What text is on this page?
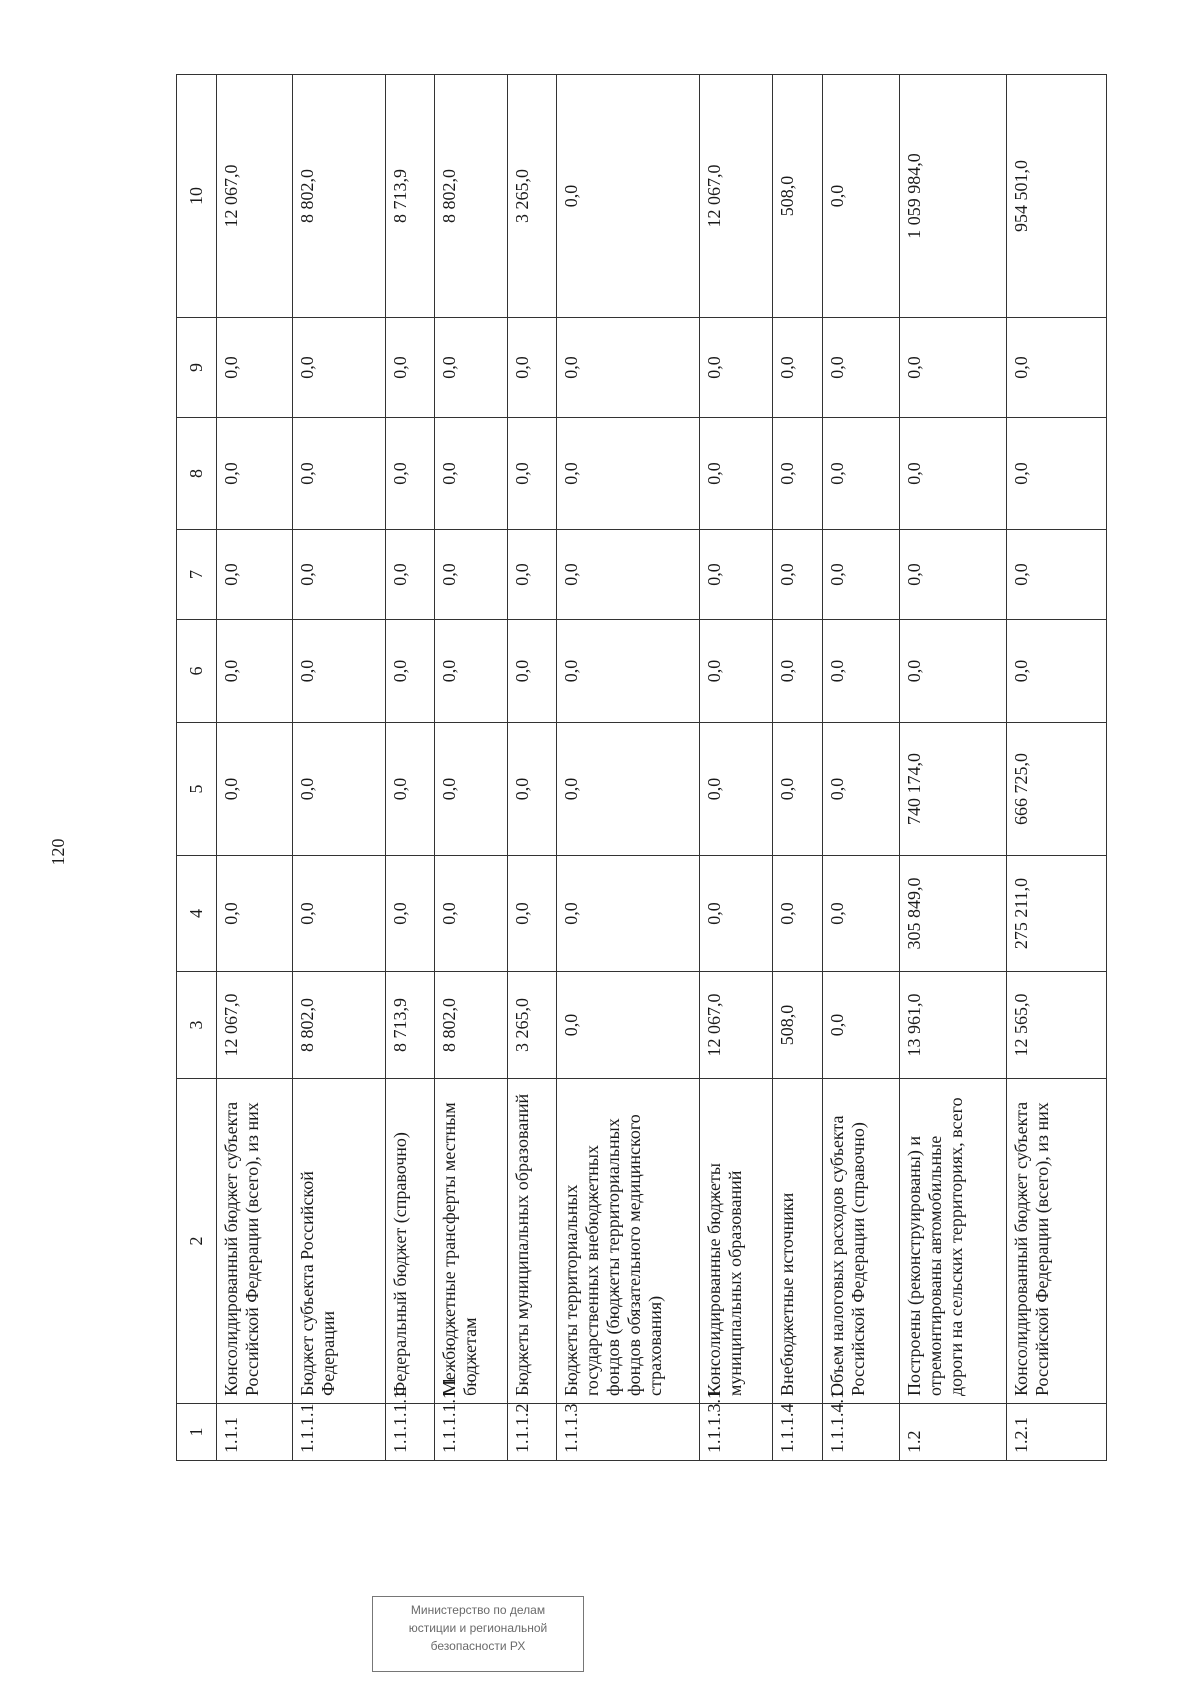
120
1	2	3	4	5	6	7	8	9	10
1.1.1	Консолидированный бюджет субъекта Российской Федерации (всего), из них	12 067,0	0,0	0,0	0,0	0,0	0,0	0,0	12 067,0
1.1.1.1	Бюджет субъекта Российской Федерации	8 802,0	0,0	0,0	0,0	0,0	0,0	0,0	8 802,0
1.1.1.1.1	Федеральный бюджет (справочно)	8 713,9	0,0	0,0	0,0	0,0	0,0	0,0	8 713,9
1.1.1.1.1.1	Межбюджетные трансферты местным бюджетам	8 802,0	0,0	0,0	0,0	0,0	0,0	0,0	8 802,0
1.1.1.2	Бюджеты муниципальных образований	3 265,0	0,0	0,0	0,0	0,0	0,0	0,0	3 265,0
1.1.1.3	Бюджеты территориальных государственных внебюджетных фондов (бюджеты территориальных фондов обязательного медицинского страхования)	0,0	0,0	0,0	0,0	0,0	0,0	0,0	0,0
1.1.1.3.1	Консолидированные бюджеты муниципальных образований	12 067,0	0,0	0,0	0,0	0,0	0,0	0,0	12 067,0
1.1.1.4	Внебюджетные источники	508,0	0,0	0,0	0,0	0,0	0,0	0,0	508,0
1.1.1.4.1	Объем налоговых расходов субъекта Российской Федерации (справочно)	0,0	0,0	0,0	0,0	0,0	0,0	0,0	0,0
1.2	Построены (реконструированы) и отремонтированы автомобильные дороги на сельских территориях, всего	13 961,0	305 849,0	740 174,0	0,0	0,0	0,0	0,0	1 059 984,0
1.2.1	Консолидированный бюджет субъекта Российской Федерации (всего), из них	12 565,0	275 211,0	666 725,0	0,0	0,0	0,0	0,0	954 501,0
Министерство по делам
юстиции и региональной
безопасности РХ
